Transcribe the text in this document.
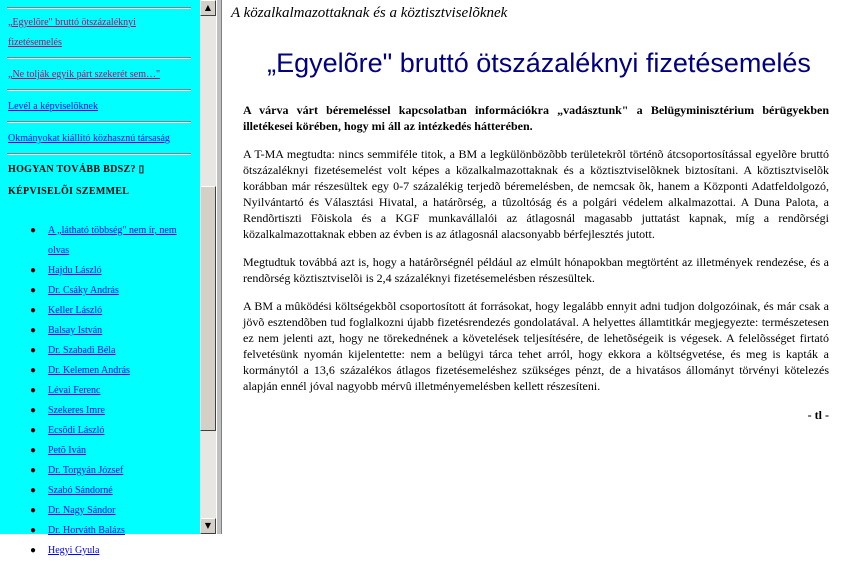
„Egyelõre" bruttó ötszázaléknyi fizetésemelés
„Ne tolják egyik párt szekerét sem…"
Levél a képviselõknek
Okmányokat kiállító közhasznú társaság
HOGYAN TOVÁBB BDSZ? ▯ KÉPVISELÕI SZEMMEL
● A „látható többség" nem ír, nem olvas
● Hajdu László
● Dr. Csáky András
● Keller László
● Balsay István
● Dr. Szabadi Béla
● Dr. Kelemen András
● Lévai Ferenc
● Szekeres Imre
● Ecsõdi László
● Petõ Iván
● Dr. Torgyán József
● Szabó Sándorné
● Dr. Nagy Sándor
● Dr. Horváth Balázs
● Hegyi Gyula
▲
▼
A közalkalmazottaknak és a köztisztviselõknek
„Egyelõre" bruttó ötszázaléknyi fizetésemelés
A várva várt béremeléssel kapcsolatban információkra „vadásztunk" a Belügyminisztérium bérügyekben illetékesei körében, hogy mi áll az intézkedés hátterében.
A T-MA megtudta: nincs semmiféle titok, a BM a legkülönbözõbb területekrõl történõ átcsoportosítással egyelõre bruttó ötszázaléknyi fizetésemelést volt képes a közalkalmazottaknak és a köztisztviselõknek biztosítani. A köztisztviselõk korábban már részesültek egy 0-7 százalékig terjedõ béremelésben, de nemcsak õk, hanem a Központi Adatfeldolgozó, Nyilvántartó és Választási Hivatal, a határõrség, a tûzoltóság és a polgári védelem alkalmazottai. A Duna Palota, a Rendõrtiszti Fõiskola és a KGF munkavállalói az átlagosnál magasabb juttatást kapnak, míg a rendõrségi közalkalmazottaknak ebben az évben is az átlagosnál alacsonyabb bérfejlesztés jutott.
Megtudtuk továbbá azt is, hogy a határõrségnél például az elmúlt hónapokban megtörtént az illetmények rendezése, és a rendõrség köztisztviselõi is 2,4 százaléknyi fizetésemelésben részesültek.
A BM a mûködési költségekbõl csoportosított át forrásokat, hogy legalább ennyit adni tudjon dolgozóinak, és már csak a jövõ esztendõben tud foglalkozni újabb fizetésrendezés gondolatával. A helyettes államtitkár megjegyezte: természetesen ez nem jelenti azt, hogy ne törekednének a követelések teljesítésére, de lehetõségeik is végesek. A felelõsséget firtató felvetésünk nyomán kijelentette: nem a belügyi tárca tehet arról, hogy ekkora a költségvetése, és meg is kapták a kormánytól a 13,6 százalékos átlagos fizetésemeléshez szükséges pénzt, de a hivatásos állományt törvényi kötelezés alapján ennél jóval nagyobb mérvû illetményemelésben kellett részesíteni.
- tl -
